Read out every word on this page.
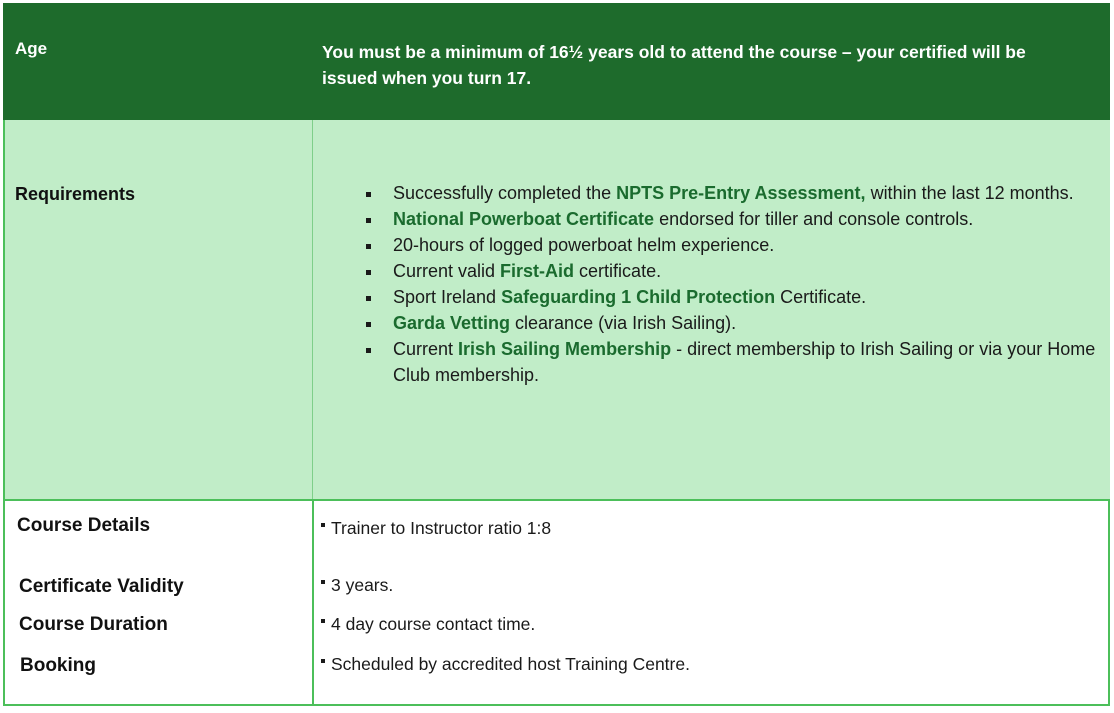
Age	You must be a minimum of 16½ years old to attend the course – your certified will be issued when you turn 17.
Requirements	Successfully completed the NPTS Pre-Entry Assessment, within the last 12 months.
National Powerboat Certificate endorsed for tiller and console controls.
20-hours of logged powerboat helm experience.
Current valid First-Aid certificate.
Sport Ireland Safeguarding 1 Child Protection Certificate.
Garda Vetting clearance (via Irish Sailing).
Current Irish Sailing Membership - direct membership to Irish Sailing or via your Home Club membership.
Course Details	Trainer to Instructor ratio 1:8
Certificate Validity	3 years.
Course Duration	4 day course contact time.
Booking	Scheduled by accredited host Training Centre.
